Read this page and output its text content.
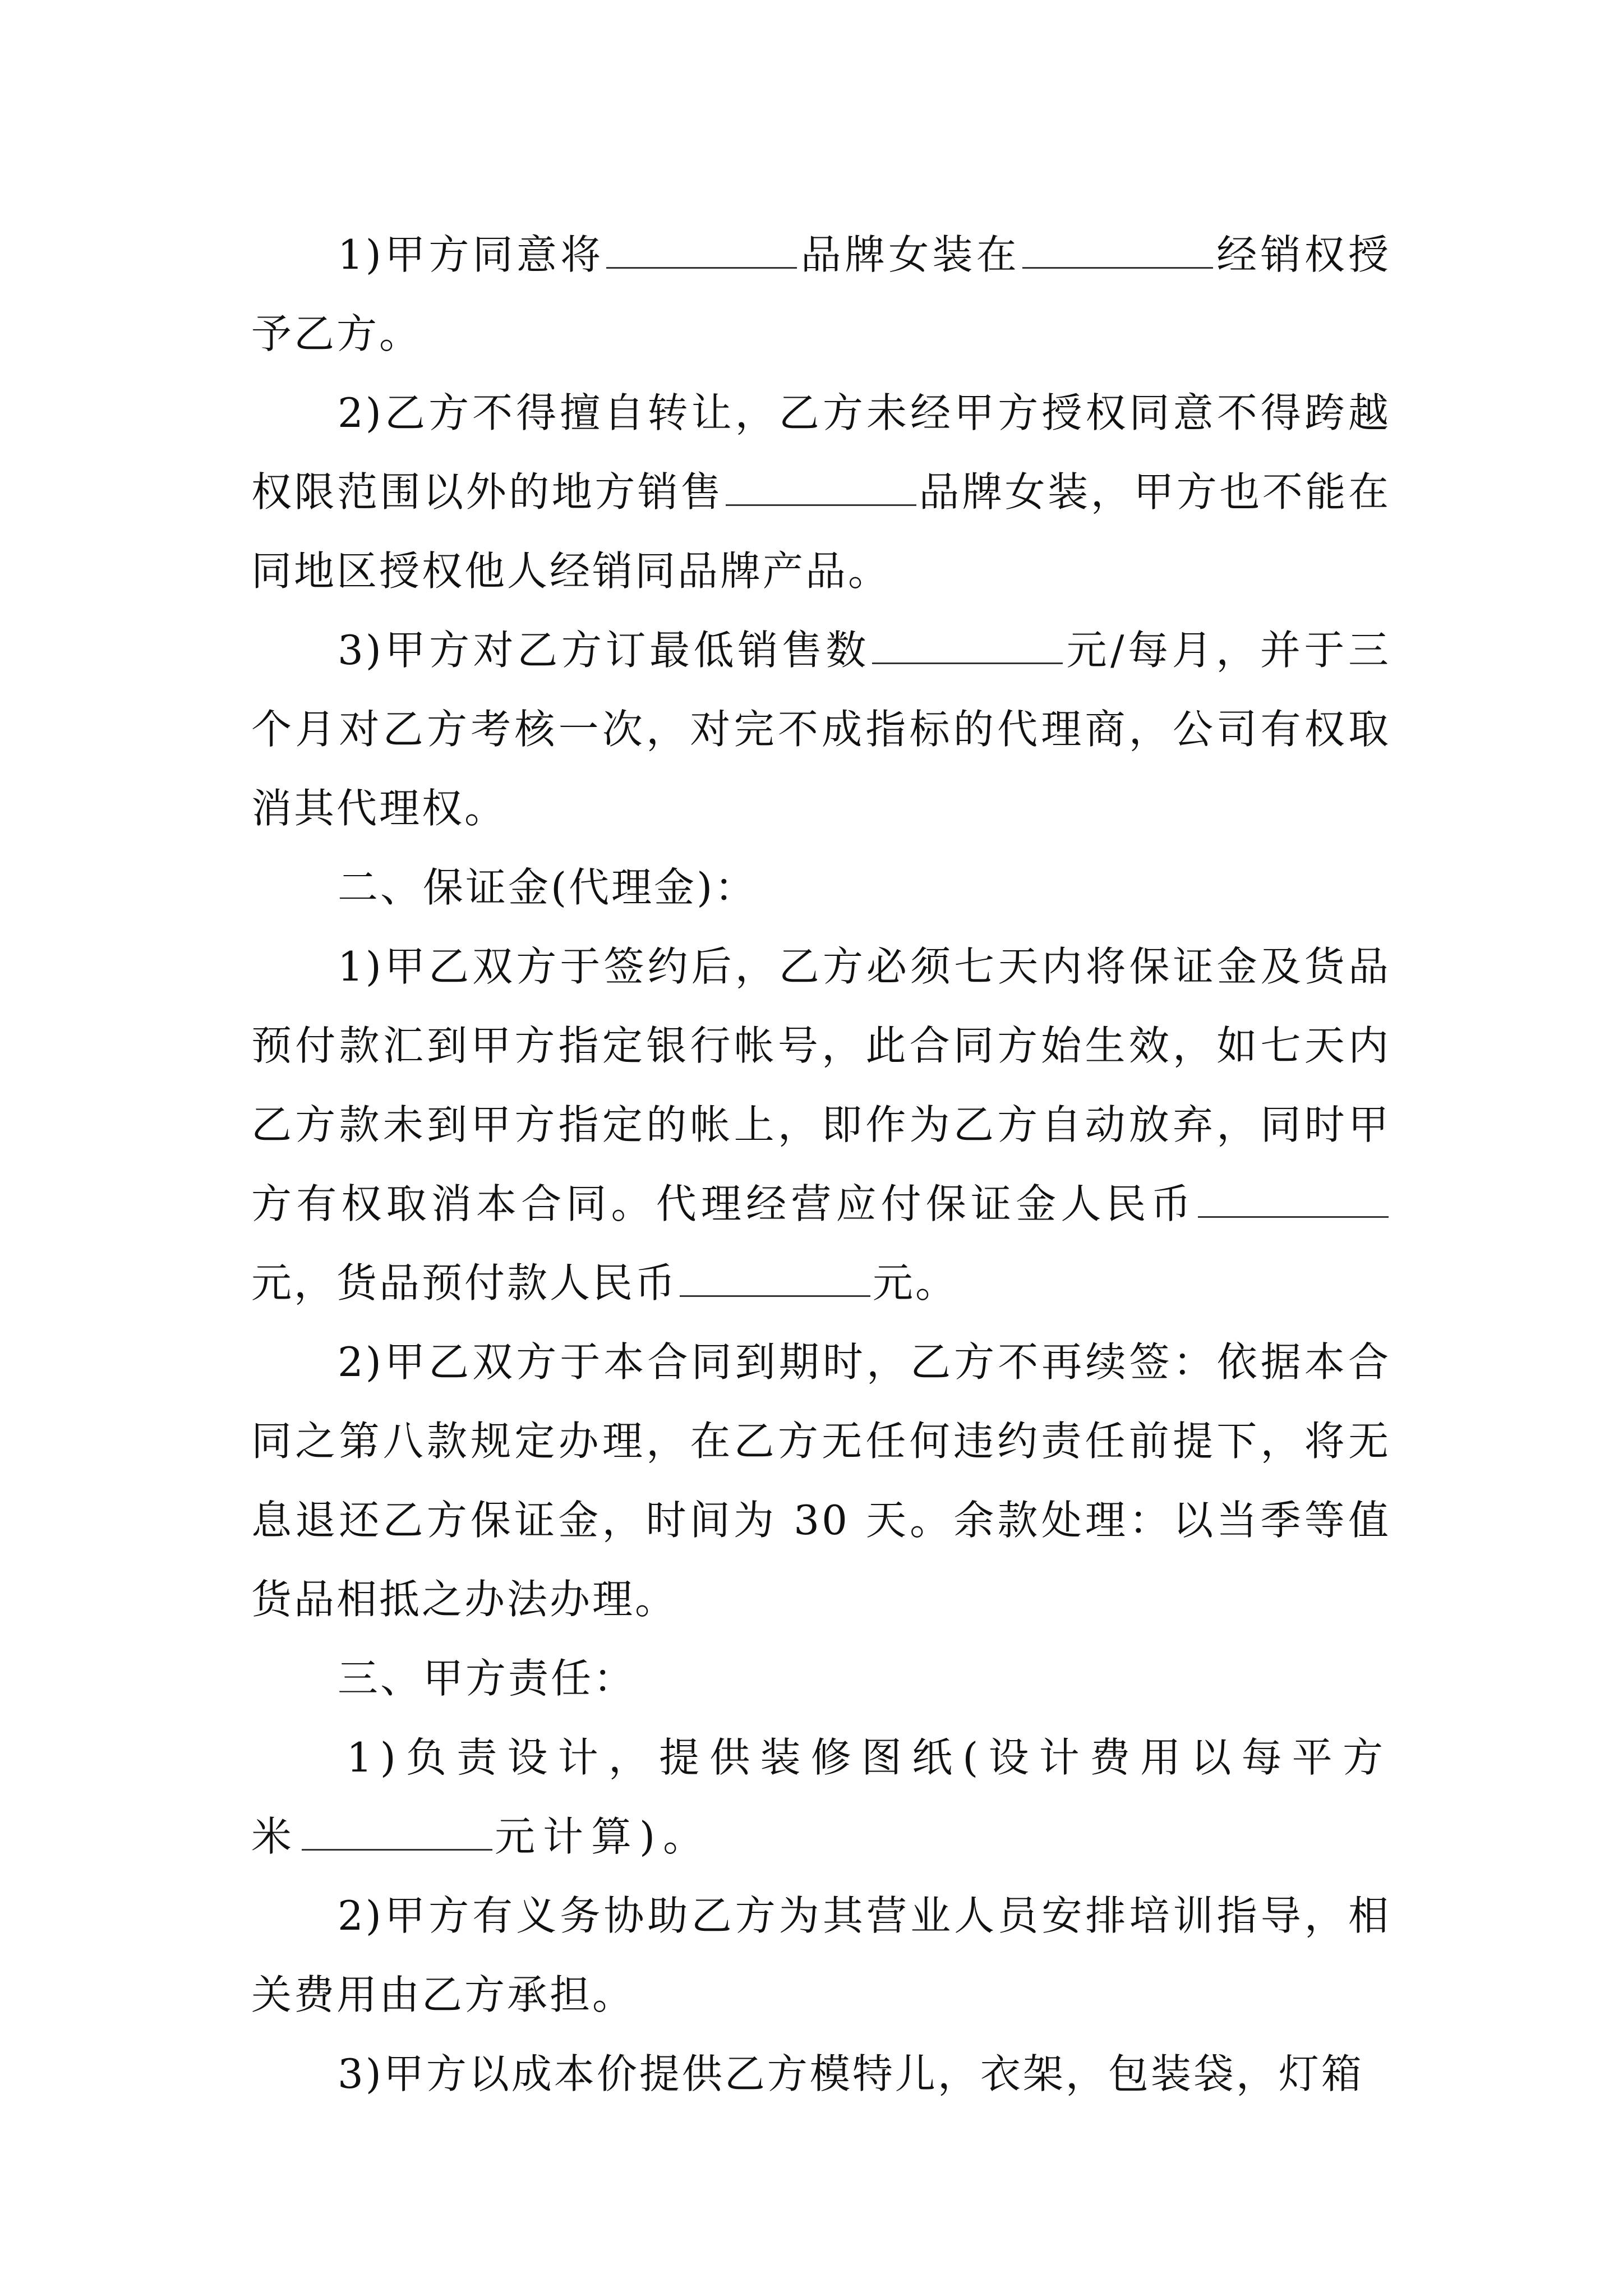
1)甲方同意将	品牌女装在	经销权授予乙方。

2)乙方不得擅自转让，乙方未经甲方授权同意不得跨越权限范围以外的地方销售	品牌女装，甲方也不能在同地区授权他人经销同品牌产品。

3)甲方对乙方订最低销售数	元/每月，并于三个月对乙方考核一次，对完不成指标的代理商，公司有权取消其代理权。

二、保证金(代理金)：

1)甲乙双方于签约后，乙方必须七天内将保证金及货品预付款汇到甲方指定银行帐号，此合同方始生效，如七天内乙方款未到甲方指定的帐上，即作为乙方自动放弃，同时甲方有权取消本合同。代理经营应付保证金人民币元，货品预付款人民币	元。

2)甲乙双方于本合同到期时，乙方不再续签：依据本合同之第八款规定办理，在乙方无任何违约责任前提下，将无息退还乙方保证金，时间为 30 天。余款处理：以当季等值货品相抵之办法办理。

三、甲方责任：

1)负责设计，提供装修图纸(设计费用以每平方米	元计算)。

2)甲方有义务协助乙方为其营业人员安排培训指导，相关费用由乙方承担。

3)甲方以成本价提供乙方模特儿，衣架，包装袋，灯箱
